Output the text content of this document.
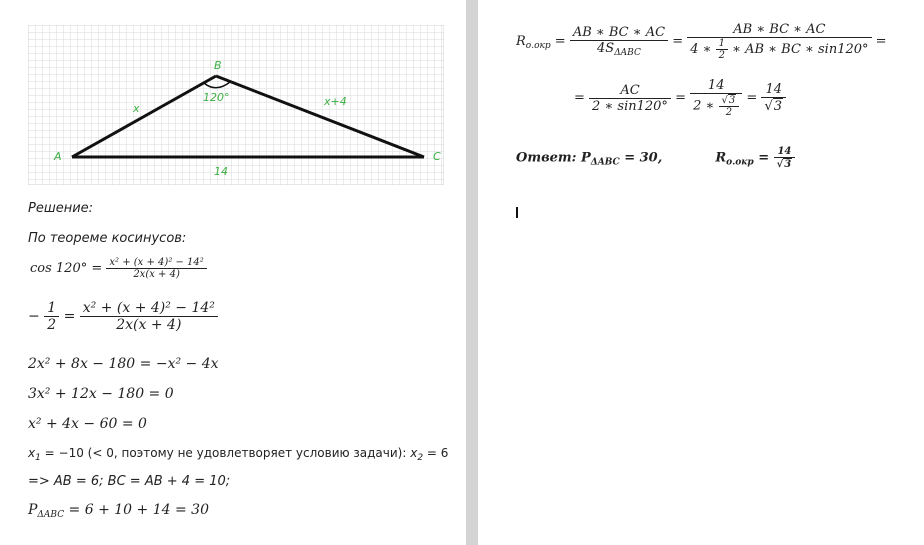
A
B
C
x
x+4
14
120°
Решение:
По теореме косинусов:
$\cos 120^\circ = \frac{\text{x² + (x + 4)² − 14²}}{2x(x + 4)}$
− $\frac{1}{2} = \frac{\text{x² + (x + 4)² − 14²}}{2x(x + 4)}$
2x² + 8x − 180 = −x² − 4x
3x² + 12x − 180 = 0
x² + 4x − 60 = 0
$x_1 = -10$ (< 0, поэтому не удовлетворяет условию задачи): $x_2 = 6$
=> AB = 6; BC = AB + 4 = 10;
$P_{\Delta ABC} = 6 + 10 + 14 = 30$
$R_{о.окр} = \frac{AB ∗ BC ∗ AC}{4S_{\Delta ABC}} = \frac{AB ∗ BC ∗ AC}{4 ∗ \frac{1}{2} ∗ AB ∗ BC ∗ \sin 120^\circ}$ =
= $\frac{AC}{2 ∗ \sin 120^\circ} = \frac{14}{2 ∗ \frac{√3}{2}} = \frac{14}{√3}$
Ответ: $P_{\Delta ABC} = 30$,	$R_{о.окр} = \frac{14}{√3}$
